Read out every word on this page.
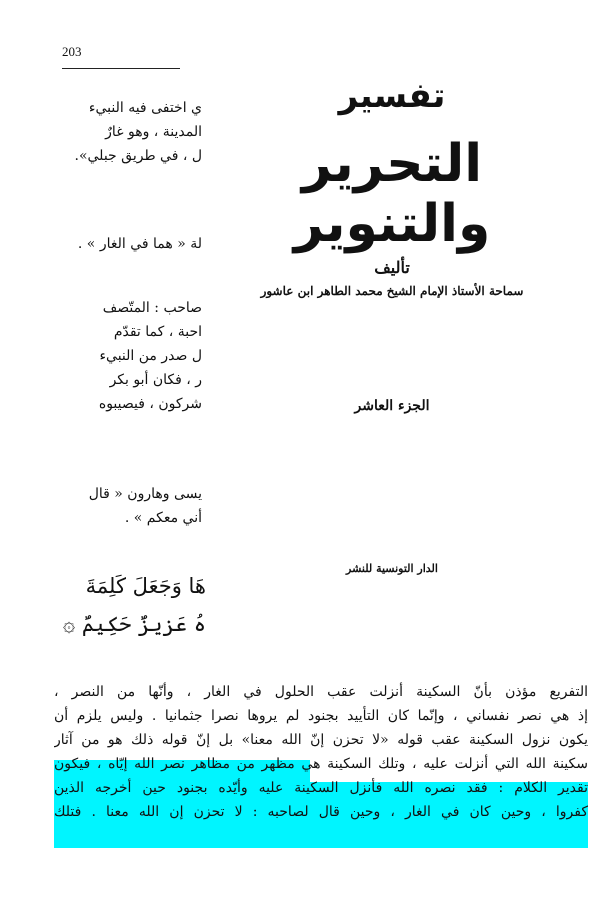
203

ي اختفى فيه النبيء

المدينة ، وهو غارٌ

ل ، في طريق جبلي».

لة « هما في الغار » .

صاحب : المتّصف

احبة ، كما تقدّم

ل صدر من النبيء

ر ، فكان أبو بكر

شركون ، فيصيبوه

يسى وهارون « قال

أني معكم » .

هَا وَجَعَلَ كَلِمَةَ
هُ عَزِيزٌ حَكِيمٌ ۞
تفسير
التحرير والتنوير
تأليف
سماحة الأستاذ الإمام الشيخ محمد الطاهر ابن عاشور
الجزء العاشر
الدار التونسية للنشر
التفريع مؤذن بأنّ السكينة أنزلت عقب الحلول في الغار ، وأنّها من النصر ،
إذ هي نصر نفساني ، وإنّما كان التأييد بجنود لم يروها نصرا جثمانيا . وليس يلزم أن
يكون نزول السكينة عقب قوله «لا تحزن إنّ الله معنا» بل إنّ قوله ذلك هو من آثار
سكينة الله التي أنزلت عليه ، وتلك السكينة هي مظهر من مظاهر نصر الله إيّاه ، فيكون
تقدير الكلام : فقد نصره الله فأنزل السكينة عليه وأيّده بجنود حين أخرجه الذين
كفروا ، وحين كان في الغار ، وحين قال لصاحبه : لا تحزن إن الله معنا . فتلك
